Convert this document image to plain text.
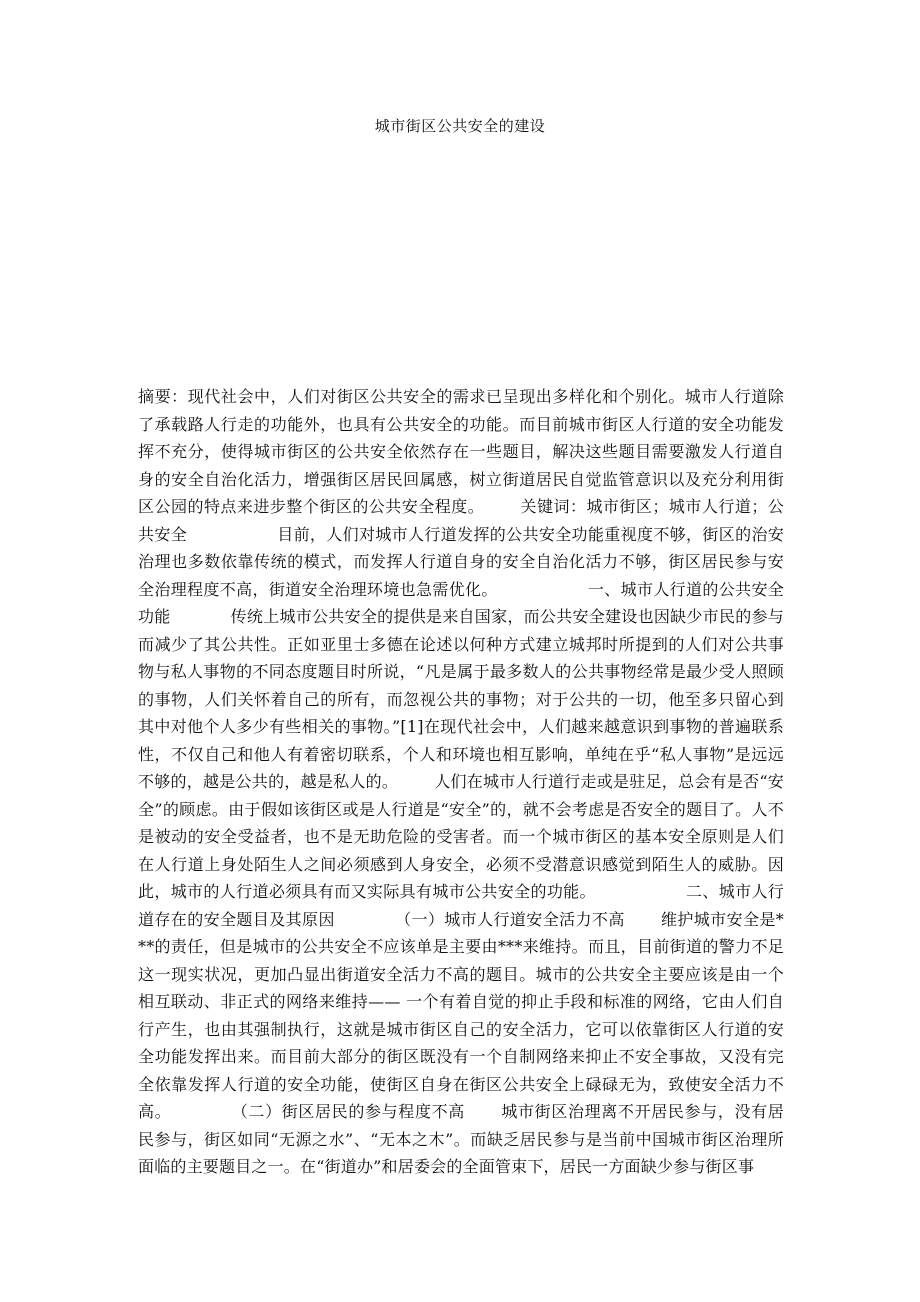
城市街区公共安全的建设
摘要：现代社会中，人们对街区公共安全的需求已呈现出多样化和个别化。城市人行道除了承载路人行走的功能外，也具有公共安全的功能。而目前城市街区人行道的安全功能发挥不充分，使得城市街区的公共安全依然存在一些题目，解决这些题目需要激发人行道自身的安全自治化活力，增强街区居民回属感，树立街道居民自觉监管意识以及充分利用街区公园的特点来进步整个街区的公共安全程度。 关键词：城市街区；城市人行道；公共安全	目前，人们对城市人行道发挥的公共安全功能重视度不够，街区的治安治理也多数依靠传统的模式，而发挥人行道自身的安全自治化活力不够，街区居民参与安全治理程度不高，街道安全治理环境也急需优化。	一、城市人行道的公共安全功能	传统上城市公共安全的提供是来自国家，而公共安全建设也因缺少市民的参与而减少了其公共性。正如亚里士多德在论述以何种方式建立城邦时所提到的人们对公共事物与私人事物的不同态度题目时所说，“凡是属于最多数人的公共事物经常是最少受人照顾的事物，人们关怀着自己的所有，而忽视公共的事物；对于公共的一切，他至多只留心到其中对他个人多少有些相关的事物。”[1]在现代社会中，人们越来越意识到事物的普遍联系性，不仅自己和他人有着密切联系，个人和环境也相互影响，单纯在乎“私人事物”是远远不够的，越是公共的，越是私人的。 人们在城市人行道行走或是驻足，总会有是否“安全”的顾虑。由于假如该街区或是人行道是“安全”的，就不会考虑是否安全的题目了。人不是被动的安全受益者，也不是无助危险的受害者。而一个城市街区的基本安全原则是人们在人行道上身处陌生人之间必须感到人身安全，必须不受潜意识感觉到陌生人的威胁。因此，城市的人行道必须具有而又实际具有城市公共安全的功能。	二、城市人行道存在的安全题目及其原因	（一）城市人行道安全活力不高 维护城市安全是***的责任，但是城市的公共安全不应该单是主要由***来维持。而且，目前街道的警力不足这一现实状况，更加凸显出街道安全活力不高的题目。城市的公共安全主要应该是由一个相互联动、非正式的网络来维持—— 一个有着自觉的抑止手段和标准的网络，它由人们自行产生，也由其强制执行，这就是城市街区自己的安全活力，它可以依靠街区人行道的安全功能发挥出来。而目前大部分的街区既没有一个自制网络来抑止不安全事故，又没有完全依靠发挥人行道的安全功能，使街区自身在街区公共安全上碌碌无为，致使安全活力不高。	（二）街区居民的参与程度不高 城市街区治理离不开居民参与，没有居民参与，街区如同“无源之水”、“无本之木”。而缺乏居民参与是当前中国城市街区治理所面临的主要题目之一。在“街道办”和居委会的全面管束下，居民一方面缺少参与街区事
